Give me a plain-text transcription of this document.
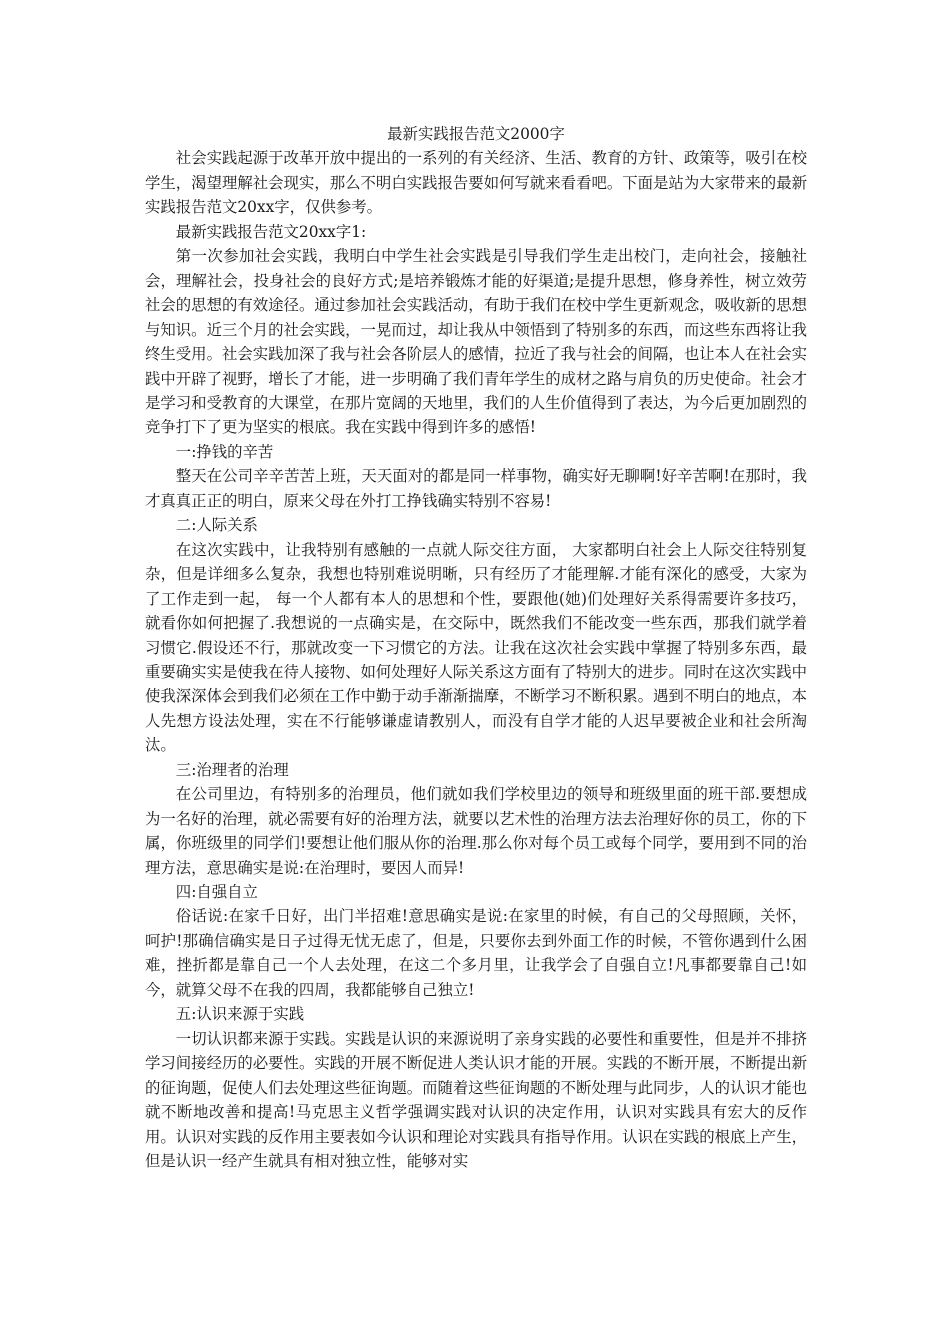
最新实践报告范文2000字

社会实践起源于改革开放中提出的一系列的有关经济、生活、教育的方针、政策等，吸引在校学生，渴望理解社会现实，那么不明白实践报告要如何写就来看看吧。下面是站为大家带来的最新实践报告范文20xx字，仅供参考。

最新实践报告范文20xx字1:

第一次参加社会实践，我明白中学生社会实践是引导我们学生走出校门，走向社会，接触社会，理解社会，投身社会的良好方式;是培养锻炼才能的好渠道;是提升思想，修身养性，树立效劳社会的思想的有效途径。通过参加社会实践活动，有助于我们在校中学生更新观念，吸收新的思想与知识。近三个月的社会实践，一晃而过，却让我从中领悟到了特别多的东西，而这些东西将让我终生受用。社会实践加深了我与社会各阶层人的感情，拉近了我与社会的间隔，也让本人在社会实践中开辟了视野，增长了才能，进一步明确了我们青年学生的成材之路与肩负的历史使命。社会才是学习和受教育的大课堂，在那片宽阔的天地里，我们的人生价值得到了表达，为今后更加剧烈的竞争打下了更为坚实的根底。我在实践中得到许多的感悟!

一:挣钱的辛苦

整天在公司辛辛苦苦上班，天天面对的都是同一样事物，确实好无聊啊!好辛苦啊!在那时，我才真真正正的明白，原来父母在外打工挣钱确实特别不容易!

二:人际关系

在这次实践中，让我特别有感触的一点就人际交往方面， 大家都明白社会上人际交往特别复杂，但是详细多么复杂，我想也特别难说明晰，只有经历了才能理解.才能有深化的感受，大家为了工作走到一起， 每一个人都有本人的思想和个性，要跟他(她)们处理好关系得需要许多技巧，就看你如何把握了.我想说的一点确实是，在交际中，既然我们不能改变一些东西，那我们就学着习惯它.假设还不行，那就改变一下习惯它的方法。让我在这次社会实践中掌握了特别多东西，最重要确实实是使我在待人接物、如何处理好人际关系这方面有了特别大的进步。同时在这次实践中使我深深体会到我们必须在工作中勤于动手渐渐揣摩，不断学习不断积累。遇到不明白的地点，本人先想方设法处理，实在不行能够谦虚请教别人，而没有自学才能的人迟早要被企业和社会所淘汰。

三:治理者的治理

在公司里边，有特别多的治理员，他们就如我们学校里边的领导和班级里面的班干部.要想成为一名好的治理，就必需要有好的治理方法，就要以艺术性的治理方法去治理好你的员工，你的下属，你班级里的同学们!要想让他们服从你的治理.那么你对每个员工或每个同学，要用到不同的治理方法，意思确实是说:在治理时，要因人而异!

四:自强自立

俗话说:在家千日好，出门半招难!意思确实是说:在家里的时候，有自己的父母照顾，关怀，呵护!那确信确实是日子过得无忧无虑了，但是，只要你去到外面工作的时候，不管你遇到什么困难，挫折都是靠自己一个人去处理，在这二个多月里，让我学会了自强自立!凡事都要靠自己!如今，就算父母不在我的四周，我都能够自己独立!

五:认识来源于实践

一切认识都来源于实践。实践是认识的来源说明了亲身实践的必要性和重要性，但是并不排挤学习间接经历的必要性。实践的开展不断促进人类认识才能的开展。实践的不断开展，不断提出新的征询题，促使人们去处理这些征询题。而随着这些征询题的不断处理与此同步，人的认识才能也就不断地改善和提高!马克思主义哲学强调实践对认识的决定作用，认识对实践具有宏大的反作用。认识对实践的反作用主要表如今认识和理论对实践具有指导作用。认识在实践的根底上产生，但是认识一经产生就具有相对独立性，能够对实
